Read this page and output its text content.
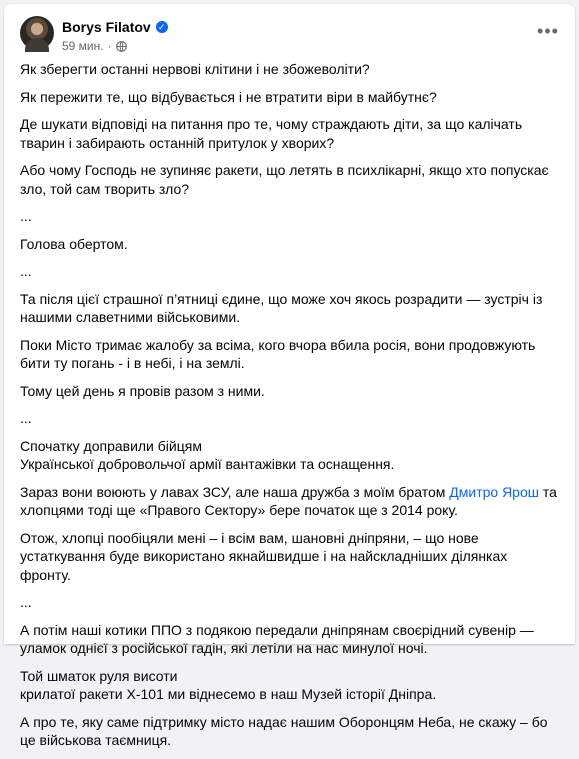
Borys Filatov ✓
59 мин. ·
•••

Як зберегти останні нервові клітини і не збожеволіти?

Як пережити те, що відбувається і не втратити віри в майбутнє?

Де шукати відповіді на питання про те, чому страждають діти, за що калічать тварин і забирають останній притулок у хворих?

Або чому Господь не зупиняє ракети, що летять в психлікарні, якщо хто попускає зло, той сам творить зло?

...

Голова обертом.

...

Та після цієї страшної п’ятниці єдине, що може хоч якось розрадити — зустріч із нашими славетними військовими.

Поки Місто тримає жалобу за всіма, кого вчора вбила росія, вони продовжують бити ту погань - і в небі, і на землі.

Тому цей день я провів разом з ними.

...

Спочатку доправили бійцям
Української добровольчої армії вантажівки та оснащення.

Зараз вони воюють у лавах ЗСУ, але наша дружба з моїм братом Дмитро Ярош та хлопцями тоді ще «Правого Сектору» бере початок ще з 2014 року.

Отож, хлопці пообіцяли мені – і всім вам, шановні дніпряни, – що нове устаткування буде використано якнайшвидше і на найскладніших ділянках фронту.

...

А потім наші котики ППО з подякою передали дніпрянам своєрідний сувенір — уламок однієї з російської гадін, які летіли на нас минулої ночі.

Той шматок руля висоти
крилатої ракети Х-101 ми віднесемо в наш Музей історії Дніпра.

А про те, яку саме підтримку місто надає нашим Оборонцям Неба, не скажу – бо це військова таємниця.
